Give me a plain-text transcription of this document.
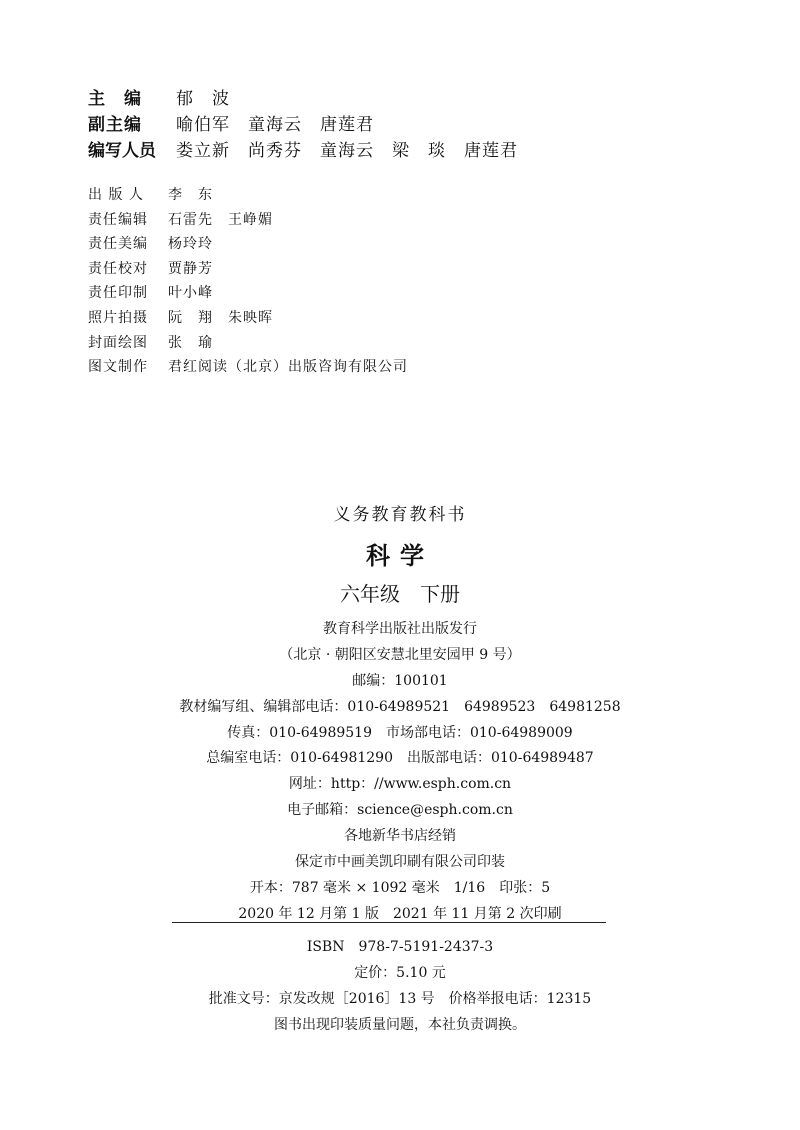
主　编	郁　波
副主编	喻伯军　童海云　唐莲君
编写人员	娄立新　尚秀芬　童海云　梁　琰　唐莲君
出 版 人	李　东
责任编辑	石雷先　王峥媚
责任美编	杨玲玲
责任校对	贾静芳
责任印制	叶小峰
照片拍摄	阮　翔　朱映晖
封面绘图	张　瑜
图文制作	君红阅读（北京）出版咨询有限公司
义务教育教科书
科学
六年级　下册
教育科学出版社出版发行
（北京 · 朝阳区安慧北里安园甲 9 号）
邮编：100101
教材编写组、编辑部电话：010-64989521　64989523　64981258
传真：010-64989519　市场部电话：010-64989009
总编室电话：010-64981290　出版部电话：010-64989487
网址：http：//www.esph.com.cn
电子邮箱：science@esph.com.cn
各地新华书店经销
保定市中画美凯印刷有限公司印装
开本：787 毫米 × 1092 毫米　1/16　印张：5
2020 年 12 月第 1 版　2021 年 11 月第 2 次印刷
ISBN　978-7-5191-2437-3
定价：5.10 元
批准文号：京发改规［2016］13 号　价格举报电话：12315
图书出现印装质量问题，本社负责调换。
